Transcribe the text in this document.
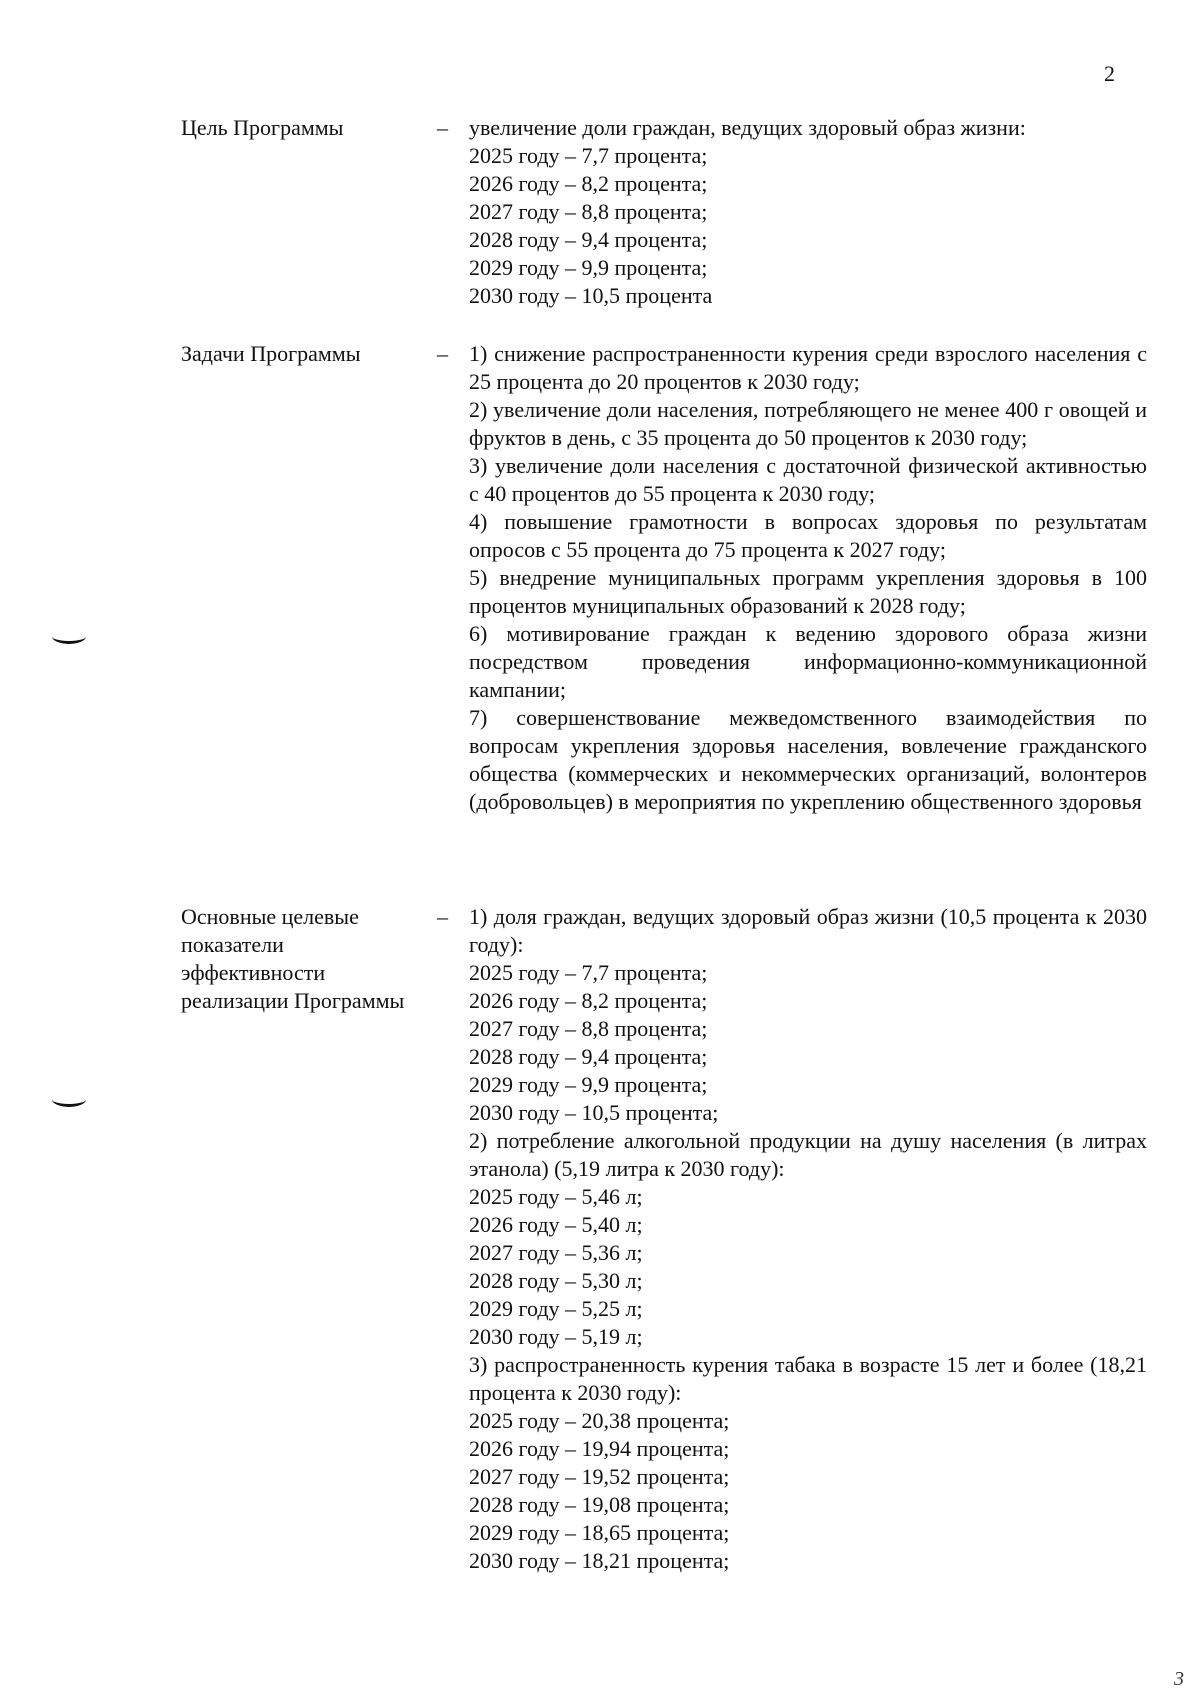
2
Цель Программы	– увеличение доли граждан, ведущих здоровый образ жизни:
2025 году – 7,7 процента;
2026 году – 8,2 процента;
2027 году – 8,8 процента;
2028 году – 9,4 процента;
2029 году – 9,9 процента;
2030 году – 10,5 процента
Задачи Программы	– 1) снижение распространенности курения среди взрослого населения с 25 процента до 20 процентов к 2030 году;
2) увеличение доли населения, потребляющего не менее 400 г овощей и фруктов в день, с 35 процента до 50 процентов к 2030 году;
3) увеличение доли населения с достаточной физической активностью с 40 процентов до 55 процента к 2030 году;
4) повышение грамотности в вопросах здоровья по результатам опросов с 55 процента до 75 процента к 2027 году;
5) внедрение муниципальных программ укрепления здоровья в 100 процентов муниципальных образований к 2028 году;
6) мотивирование граждан к ведению здорового образа жизни посредством проведения информационно-коммуникационной кампании;
7) совершенствование межведомственного взаимодействия по вопросам укрепления здоровья населения, вовлечение гражданского общества (коммерческих и некоммерческих организаций, волонтеров (добровольцев) в мероприятия по укреплению общественного здоровья
Основные целевые показатели эффективности реализации Программы
– 1) доля граждан, ведущих здоровый образ жизни (10,5 процента к 2030 году):
2025 году – 7,7 процента;
2026 году – 8,2 процента;
2027 году – 8,8 процента;
2028 году – 9,4 процента;
2029 году – 9,9 процента;
2030 году – 10,5 процента;
2) потребление алкогольной продукции на душу населения (в литрах этанола) (5,19 литра к 2030 году):
2025 году – 5,46 л;
2026 году – 5,40 л;
2027 году – 5,36 л;
2028 году – 5,30 л;
2029 году – 5,25 л;
2030 году – 5,19 л;
3) распространенность курения табака в возрасте 15 лет и более (18,21 процента к 2030 году):
2025 году – 20,38 процента;
2026 году – 19,94 процента;
2027 году – 19,52 процента;
2028 году – 19,08 процента;
2029 году – 18,65 процента;
2030 году – 18,21 процента;
3
